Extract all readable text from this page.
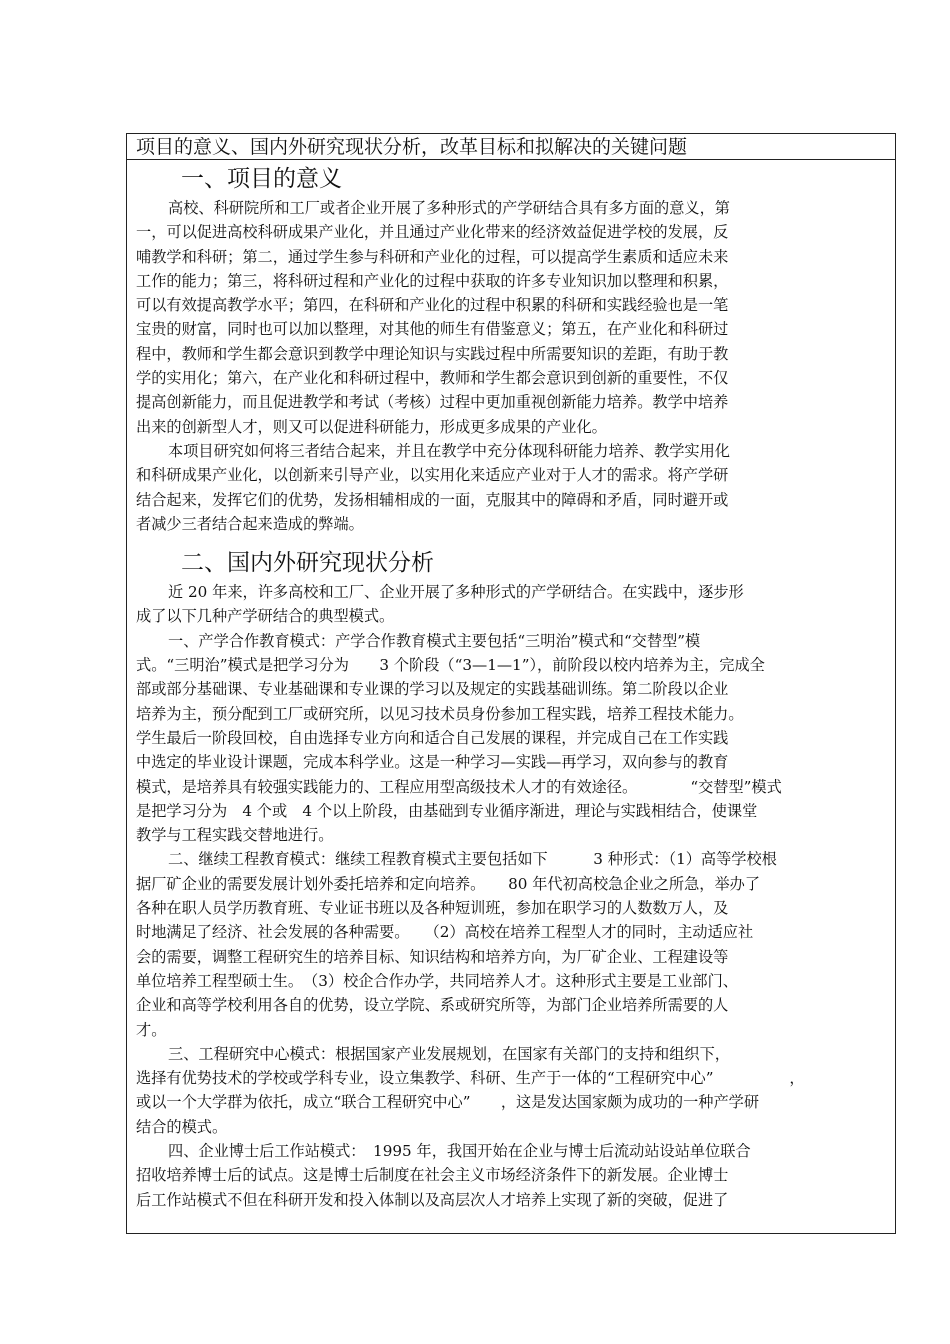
项目的意义、国内外研究现状分析，改革目标和拟解决的关键问题
一、项目的意义
高校、科研院所和工厂或者企业开展了多种形式的产学研结合具有多方面的意义，第
一，可以促进高校科研成果产业化，并且通过产业化带来的经济效益促进学校的发展，反
哺教学和科研；第二，通过学生参与科研和产业化的过程，可以提高学生素质和适应未来
工作的能力；第三，将科研过程和产业化的过程中获取的许多专业知识加以整理和积累，
可以有效提高教学水平；第四，在科研和产业化的过程中积累的科研和实践经验也是一笔
宝贵的财富，同时也可以加以整理，对其他的师生有借鉴意义；第五，在产业化和科研过
程中，教师和学生都会意识到教学中理论知识与实践过程中所需要知识的差距，有助于教
学的实用化；第六，在产业化和科研过程中，教师和学生都会意识到创新的重要性，不仅
提高创新能力，而且促进教学和考试（考核）过程中更加重视创新能力培养。教学中培养
出来的创新型人才，则又可以促进科研能力，形成更多成果的产业化。
本项目研究如何将三者结合起来，并且在教学中充分体现科研能力培养、教学实用化
和科研成果产业化，以创新来引导产业，以实用化来适应产业对于人才的需求。将产学研
结合起来，发挥它们的优势，发扬相辅相成的一面，克服其中的障碍和矛盾，同时避开或
者减少三者结合起来造成的弊端。
二、国内外研究现状分析
近 20 年来，许多高校和工厂、企业开展了多种形式的产学研结合。在实践中，逐步形
成了以下几种产学研结合的典型模式。
一、产学合作教育模式：产学合作教育模式主要包括“三明治”模式和“交替型”模
式。“三明治”模式是把学习分为　　3 个阶段（“3—1—1”），前阶段以校内培养为主，完成全
部或部分基础课、专业基础课和专业课的学习以及规定的实践基础训练。第二阶段以企业
培养为主，预分配到工厂或研究所，以见习技术员身份参加工程实践，培养工程技术能力。
学生最后一阶段回校，自由选择专业方向和适合自己发展的课程，并完成自己在工作实践
中选定的毕业设计课题，完成本科学业。这是一种学习—实践—再学习，双向参与的教育
模式，是培养具有较强实践能力的、工程应用型高级技术人才的有效途径。　　　　“交替型”模式
是把学习分为　4 个或　4 个以上阶段，由基础到专业循序渐进，理论与实践相结合，使课堂
教学与工程实践交替地进行。
二、继续工程教育模式：继续工程教育模式主要包括如下　　　3 种形式：（1）高等学校根
据厂矿企业的需要发展计划外委托培养和定向培养。　　80 年代初高校急企业之所急，举办了
各种在职人员学历教育班、专业证书班以及各种短训班，参加在职学习的人数数万人，及
时地满足了经济、社会发展的各种需要。　　（2）高校在培养工程型人才的同时，主动适应社
会的需要，调整工程研究生的培养目标、知识结构和培养方向，为厂矿企业、工程建设等
单位培养工程型硕士生。　（3）校企合作办学，共同培养人才。这种形式主要是工业部门、
企业和高等学校利用各自的优势，设立学院、系或研究所等，为部门企业培养所需要的人
才。
三、工程研究中心模式：根据国家产业发展规划，在国家有关部门的支持和组织下，
选择有优势技术的学校或学科专业，设立集教学、科研、生产于一体的“工程研究中心”　　　　　，
或以一个大学群为依托，成立“联合工程研究中心”　　，这是发达国家颇为成功的一种产学研
结合的模式。
四、企业博士后工作站模式：　1995 年，我国开始在企业与博士后流动站设站单位联合
招收培养博士后的试点。这是博士后制度在社会主义市场经济条件下的新发展。企业博士
后工作站模式不但在科研开发和投入体制以及高层次人才培养上实现了新的突破，促进了
